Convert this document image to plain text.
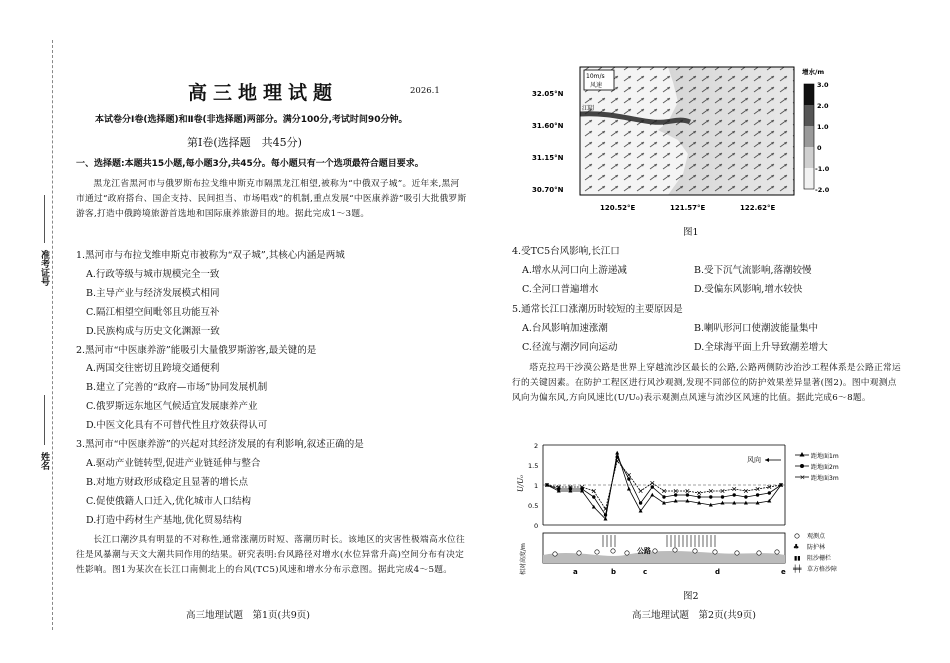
准考证号
姓名
高三地理试题	2026.1
本试卷分Ⅰ卷(选择题)和Ⅱ卷(非选择题)两部分。满分100分,考试时间90分钟。
第Ⅰ卷(选择题　共45分)
一、选择题:本题共15小题,每小题3分,共45分。每小题只有一个选项最符合题目要求。
黑龙江省黑河市与俄罗斯布拉戈维申斯克市隔黑龙江相望,被称为“中俄双子城”。近年来,黑河市通过“政府搭台、国企支持、民间担当、市场唱戏”的机制,重点发展“中医康养游”吸引大批俄罗斯游客,打造中俄跨境旅游首选地和国际康养旅游目的地。据此完成1～3题。
1.黑河市与布拉戈维申斯克市被称为“双子城”,其核心内涵是两城
A.行政等级与城市规模完全一致
B.主导产业与经济发展模式相同
C.隔江相望空间毗邻且功能互补
D.民族构成与历史文化渊源一致
2.黑河市“中医康养游”能吸引大量俄罗斯游客,最关键的是
A.两国交往密切且跨境交通便利
B.建立了完善的“政府—市场”协同发展机制
C.俄罗斯远东地区气候适宜发展康养产业
D.中医文化具有不可替代性且疗效获得认可
3.黑河市“中医康养游”的兴起对其经济发展的有利影响,叙述正确的是
A.驱动产业链转型,促进产业链延伸与整合
B.对地方财政形成稳定且显著的增长点
C.促使俄籍人口迁入,优化城市人口结构
D.打造中药材生产基地,优化贸易结构
长江口潮汐具有明显的不对称性,通常涨潮历时短、落潮历时长。该地区的灾害性极端高水位往往是风暴潮与天文大潮共同作用的结果。研究表明:台风路径对增水(水位异常升高)空间分布有决定性影响。图1为某次在长江口南侧北上的台风(TC5)风速和增水分布示意图。据此完成4～5题。
高三地理试题　第1页(共9页)
10m/s
风速
江阴
32.05°N
31.60°N
31.15°N
30.70°N
120.52°E	121.57°E	122.62°E
增水/m
3.0
2.0
1.0
0
-1.0
-2.0
图1
4.受TC5台风影响,长江口
A.增水从河口向上游递减	B.受下沉气流影响,落潮较慢
C.全河口普遍增水	D.受偏东风影响,增水较快
5.通常长江口涨潮历时较短的主要原因是
A.台风影响加速涨潮	B.喇叭形河口使潮波能量集中
C.径流与潮汐同向运动	D.全球海平面上升导致潮差增大
塔克拉玛干沙漠公路是世界上穿越流沙区最长的公路,公路两侧防沙治沙工程体系是公路正常运行的关键因素。在防护工程区进行风沙观测,发现不同部位的防护效果差异显著(图2)。图中观测点风向为偏东风,方向风速比(U/U₀)表示观测点风速与流沙区风速的比值。据此完成6～8题。
U/U₀
2
1.5
1
0.5
0
风向	距地面1m
距地面2m
× 距地面3m
相对高度/m	公路
a	b	c	d	e
观测点
♣ 防护林
▮▮ 阻沙栅栏
╪╪ 草方格沙障
图2
高三地理试题　第2页(共9页)
